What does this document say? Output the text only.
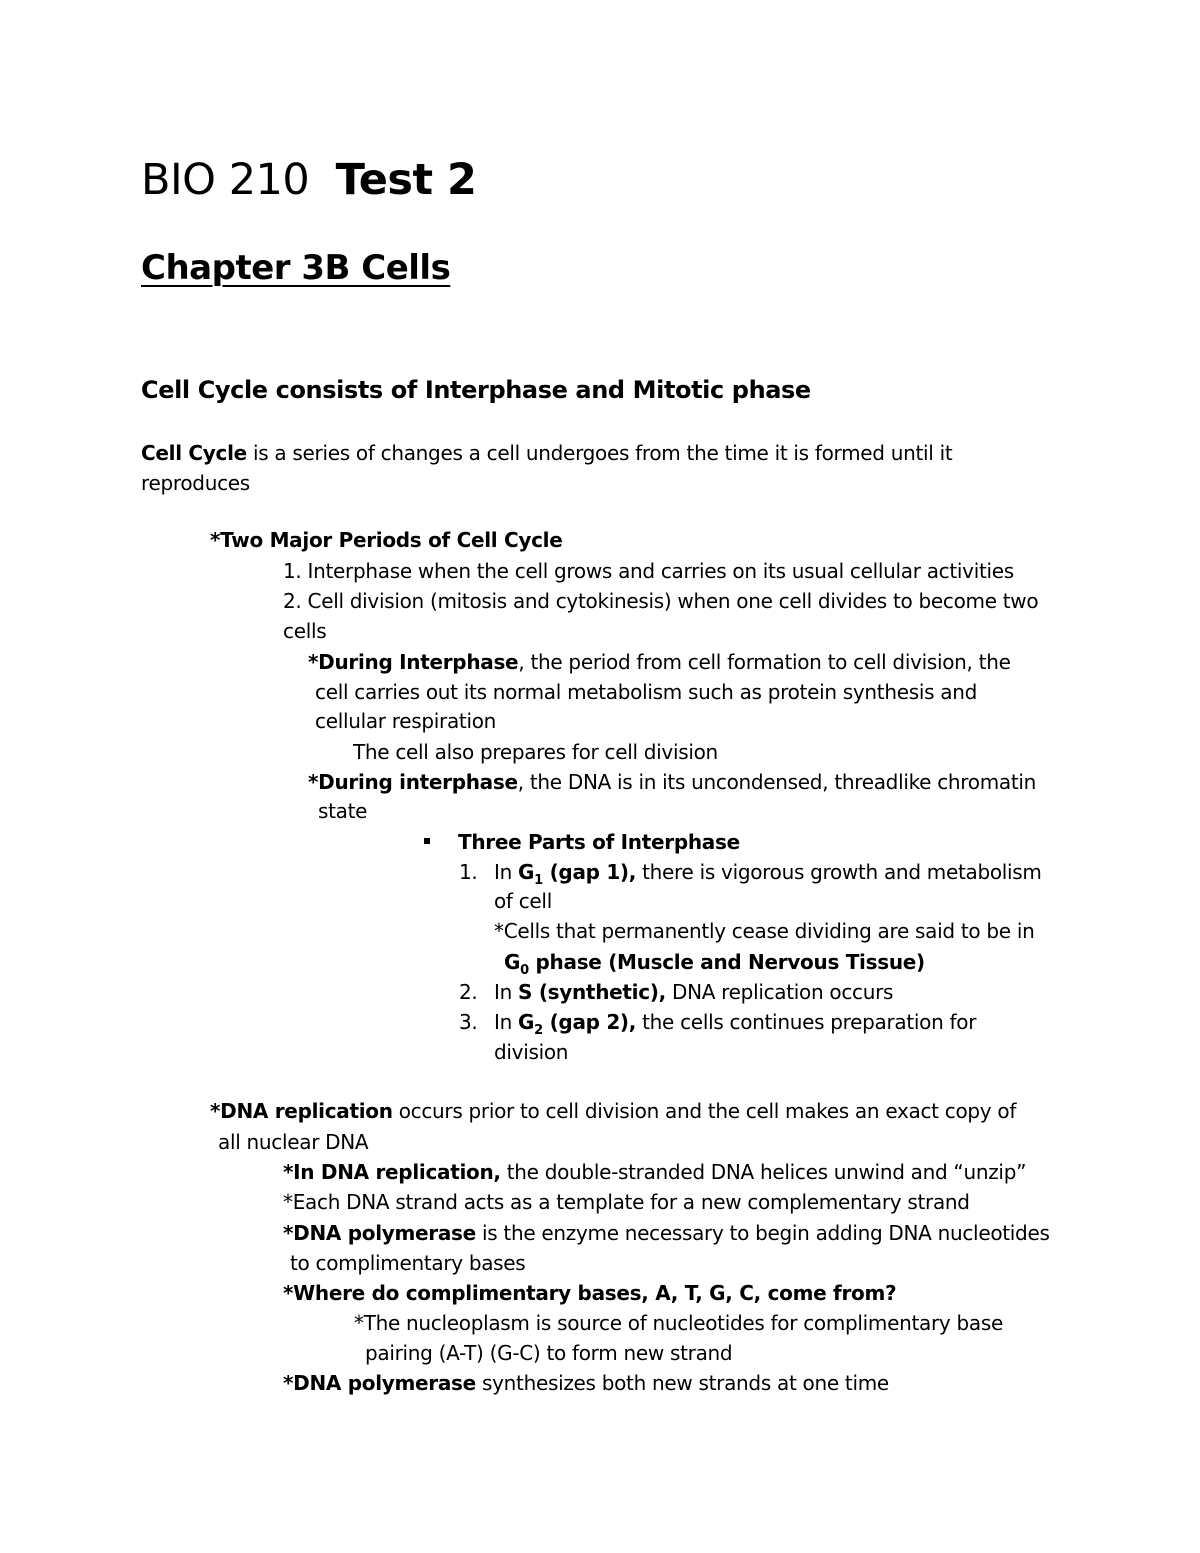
BIO 210 Test 2
Chapter 3B Cells
Cell Cycle consists of Interphase and Mitotic phase
Cell Cycle is a series of changes a cell undergoes from the time it is formed until it
reproduces
*Two Major Periods of Cell Cycle
1. Interphase when the cell grows and carries on its usual cellular activities
2. Cell division (mitosis and cytokinesis) when one cell divides to become two
cells
*During Interphase, the period from cell formation to cell division, the
cell carries out its normal metabolism such as protein synthesis and
cellular respiration
The cell also prepares for cell division
*During interphase, the DNA is in its uncondensed, threadlike chromatin
state
Three Parts of Interphase
1. In $G_1$ (gap 1), there is vigorous growth and metabolism
of cell
*Cells that permanently cease dividing are said to be in
$G_0$ phase (Muscle and Nervous Tissue)
2. In S (synthetic), DNA replication occurs
3. In $G_2$ (gap 2), the cells continues preparation for
division
*DNA replication occurs prior to cell division and the cell makes an exact copy of
all nuclear DNA
*In DNA replication, the double-stranded DNA helices unwind and “unzip”
*Each DNA strand acts as a template for a new complementary strand
*DNA polymerase is the enzyme necessary to begin adding DNA nucleotides
to complimentary bases
*Where do complimentary bases, A, T, G, C, come from?
*The nucleoplasm is source of nucleotides for complimentary base
pairing (A-T) (G-C) to form new strand
*DNA polymerase synthesizes both new strands at one time
